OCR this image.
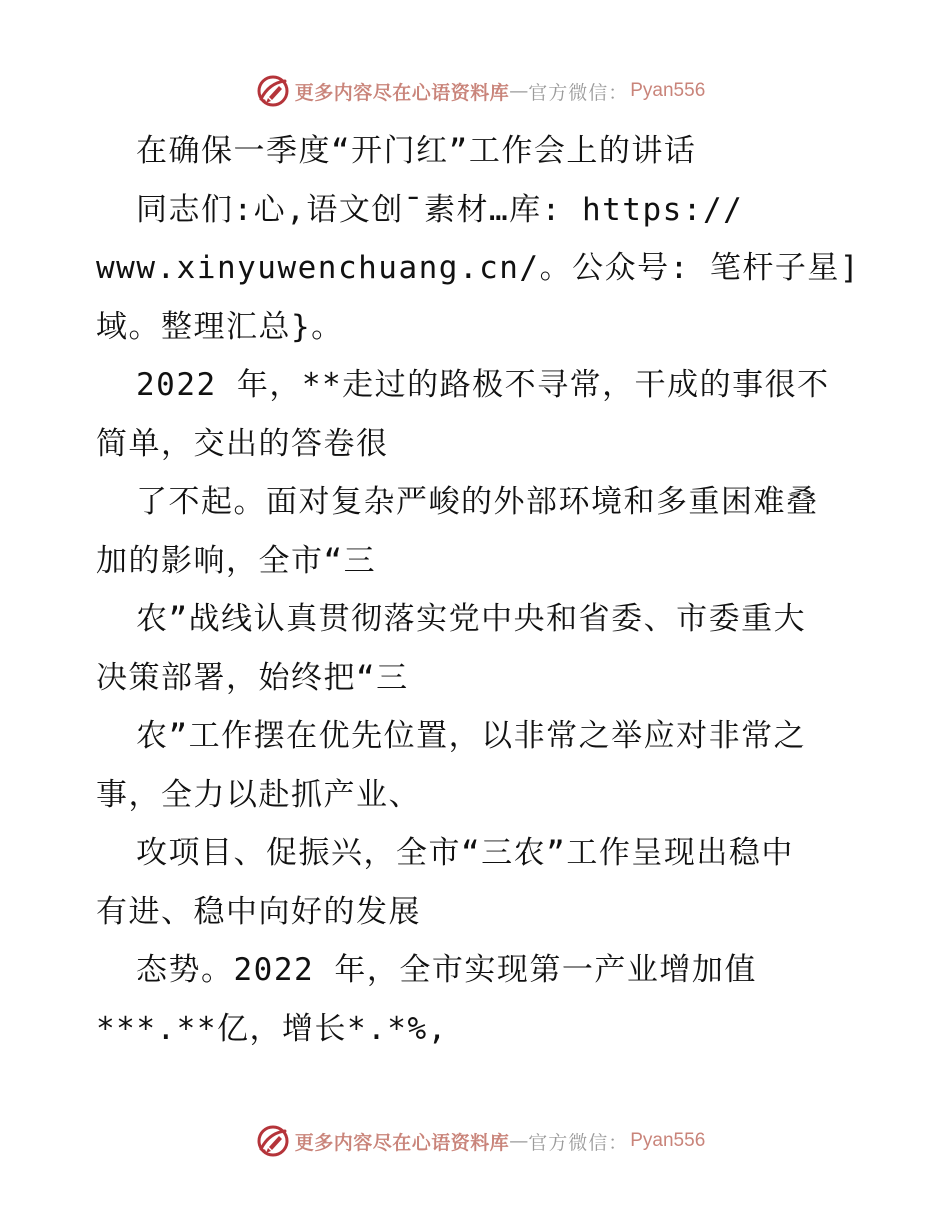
更多内容尽在心语资料库 — 官方微信： Pyan556
在确保一季度“开门红”工作会上的讲话
同志们:心,语文创¯素材…库: https://
www.xinyuwenchuang.cn/。公众号: 笔杆子星]
域。整理汇总}。
2022 年，**走过的路极不寻常，干成的事很不
简单，交出的答卷很
了不起。面对复杂严峻的外部环境和多重困难叠
加的影响，全市“三
农”战线认真贯彻落实党中央和省委、市委重大
决策部署，始终把“三
农”工作摆在优先位置，以非常之举应对非常之
事，全力以赴抓产业、
攻项目、促振兴，全市“三农”工作呈现出稳中
有进、稳中向好的发展
态势。2022 年，全市实现第一产业增加值
***.**亿，增长*.*%,
更多内容尽在心语资料库 — 官方微信： Pyan556
